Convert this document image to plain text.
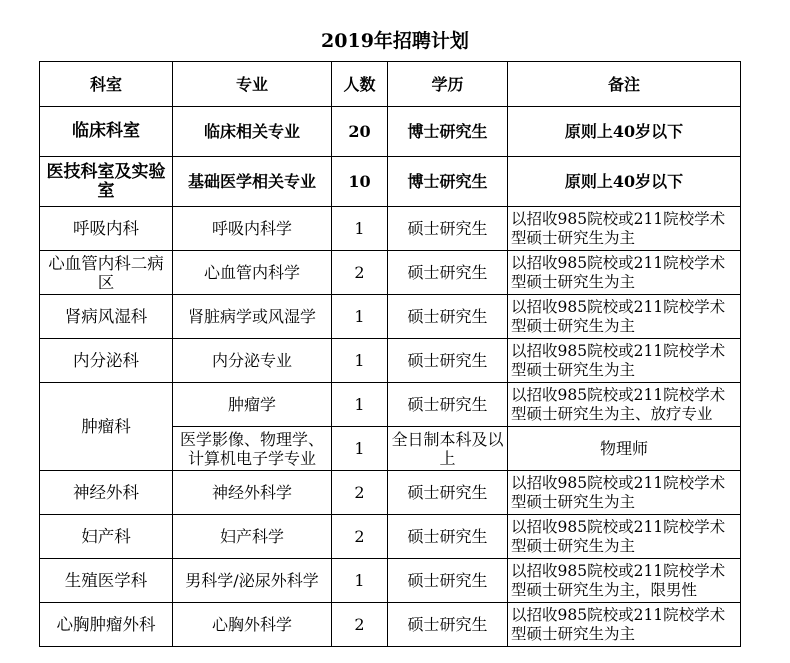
2019年招聘计划
科室	专业	人数	学历	备注
临床科室	临床相关专业	20	博士研究生	原则上40岁以下
医技科室及实验室	基础医学相关专业	10	博士研究生	原则上40岁以下
呼吸内科	呼吸内科学	1	硕士研究生	以招收985院校或211院校学术型硕士研究生为主
心血管内科二病区	心血管内科学	2	硕士研究生	以招收985院校或211院校学术型硕士研究生为主
肾病风湿科	肾脏病学或风湿学	1	硕士研究生	以招收985院校或211院校学术型硕士研究生为主
内分泌科	内分泌专业	1	硕士研究生	以招收985院校或211院校学术型硕士研究生为主
肿瘤科	肿瘤学	1	硕士研究生	以招收985院校或211院校学术型硕士研究生为主、放疗专业
	医学影像、物理学、计算机电子学专业	1	全日制本科及以上	物理师
神经外科	神经外科学	2	硕士研究生	以招收985院校或211院校学术型硕士研究生为主
妇产科	妇产科学	2	硕士研究生	以招收985院校或211院校学术型硕士研究生为主
生殖医学科	男科学/泌尿外科学	1	硕士研究生	以招收985院校或211院校学术型硕士研究生为主，限男性
心胸肿瘤外科	心胸外科学	2	硕士研究生	以招收985院校或211院校学术型硕士研究生为主
